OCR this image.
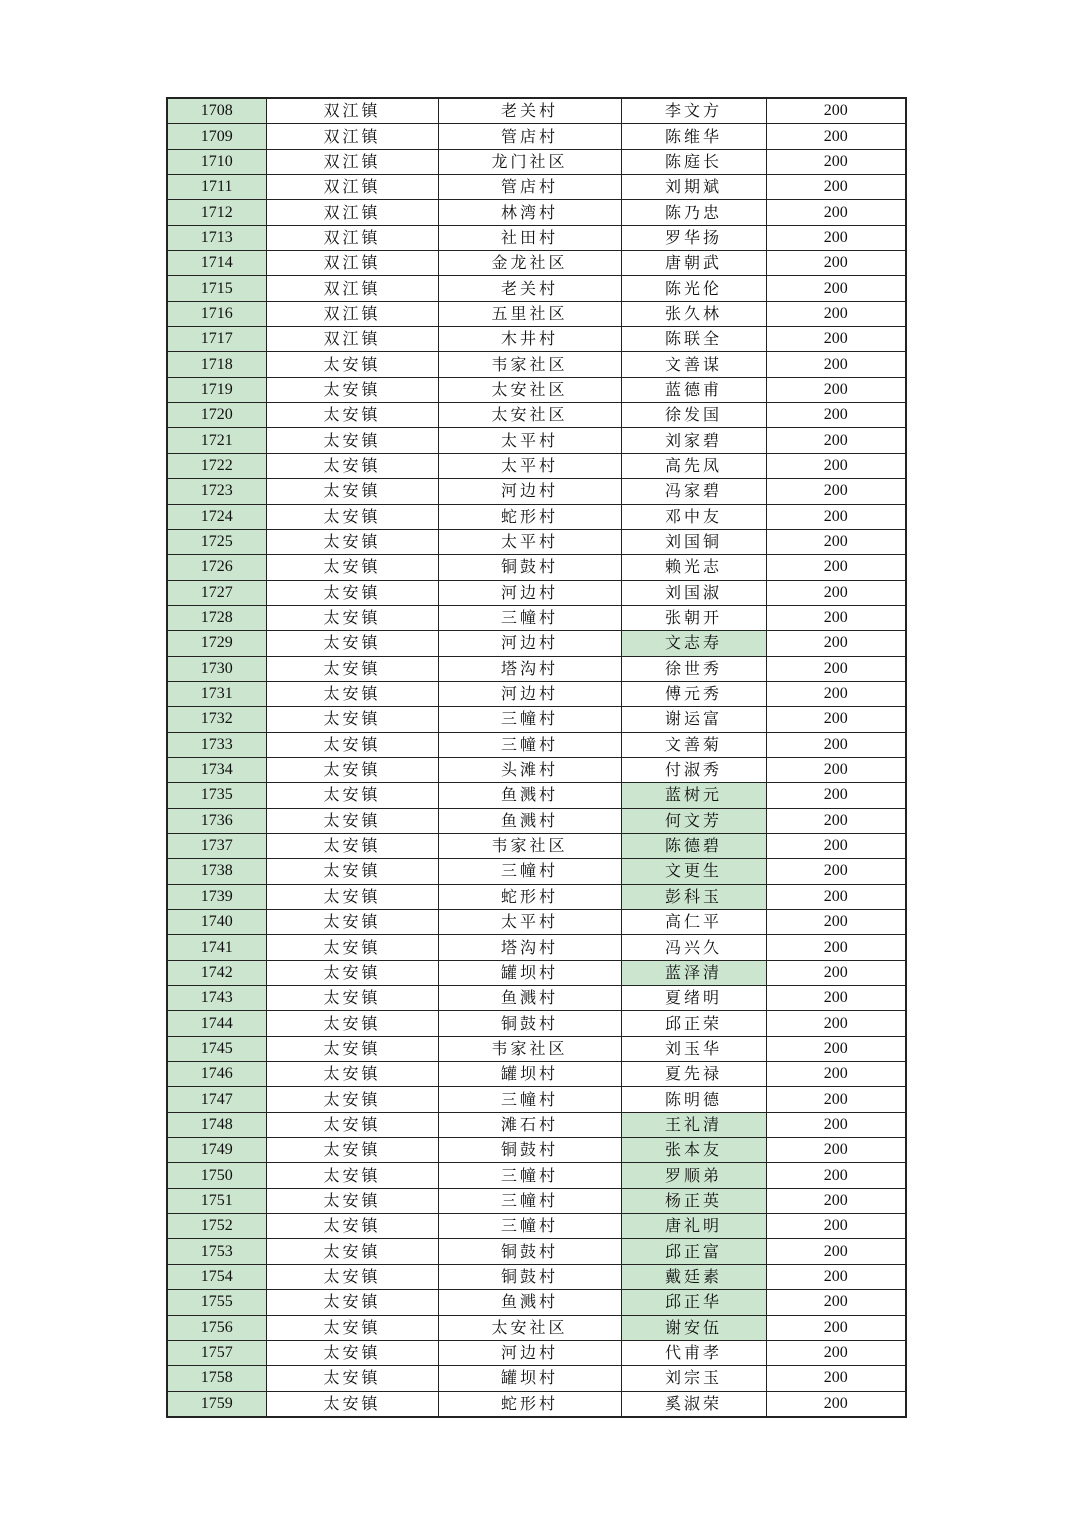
1708	双江镇	老关村	李文方	200
1709	双江镇	管店村	陈维华	200
1710	双江镇	龙门社区	陈庭长	200
1711	双江镇	管店村	刘期斌	200
1712	双江镇	林湾村	陈乃忠	200
1713	双江镇	社田村	罗华扬	200
1714	双江镇	金龙社区	唐朝武	200
1715	双江镇	老关村	陈光伦	200
1716	双江镇	五里社区	张久林	200
1717	双江镇	木井村	陈联全	200
1718	太安镇	韦家社区	文善谋	200
1719	太安镇	太安社区	蓝德甫	200
1720	太安镇	太安社区	徐发国	200
1721	太安镇	太平村	刘家碧	200
1722	太安镇	太平村	高先凤	200
1723	太安镇	河边村	冯家碧	200
1724	太安镇	蛇形村	邓中友	200
1725	太安镇	太平村	刘国铜	200
1726	太安镇	铜鼓村	赖光志	200
1727	太安镇	河边村	刘国淑	200
1728	太安镇	三幢村	张朝开	200
1729	太安镇	河边村	文志寿	200
1730	太安镇	塔沟村	徐世秀	200
1731	太安镇	河边村	傅元秀	200
1732	太安镇	三幢村	谢运富	200
1733	太安镇	三幢村	文善菊	200
1734	太安镇	头滩村	付淑秀	200
1735	太安镇	鱼溅村	蓝树元	200
1736	太安镇	鱼溅村	何文芳	200
1737	太安镇	韦家社区	陈德碧	200
1738	太安镇	三幢村	文更生	200
1739	太安镇	蛇形村	彭科玉	200
1740	太安镇	太平村	高仁平	200
1741	太安镇	塔沟村	冯兴久	200
1742	太安镇	罐坝村	蓝泽清	200
1743	太安镇	鱼溅村	夏绪明	200
1744	太安镇	铜鼓村	邱正荣	200
1745	太安镇	韦家社区	刘玉华	200
1746	太安镇	罐坝村	夏先禄	200
1747	太安镇	三幢村	陈明德	200
1748	太安镇	滩石村	王礼清	200
1749	太安镇	铜鼓村	张本友	200
1750	太安镇	三幢村	罗顺弟	200
1751	太安镇	三幢村	杨正英	200
1752	太安镇	三幢村	唐礼明	200
1753	太安镇	铜鼓村	邱正富	200
1754	太安镇	铜鼓村	戴廷素	200
1755	太安镇	鱼溅村	邱正华	200
1756	太安镇	太安社区	谢安伍	200
1757	太安镇	河边村	代甫孝	200
1758	太安镇	罐坝村	刘宗玉	200
1759	太安镇	蛇形村	奚淑荣	200
